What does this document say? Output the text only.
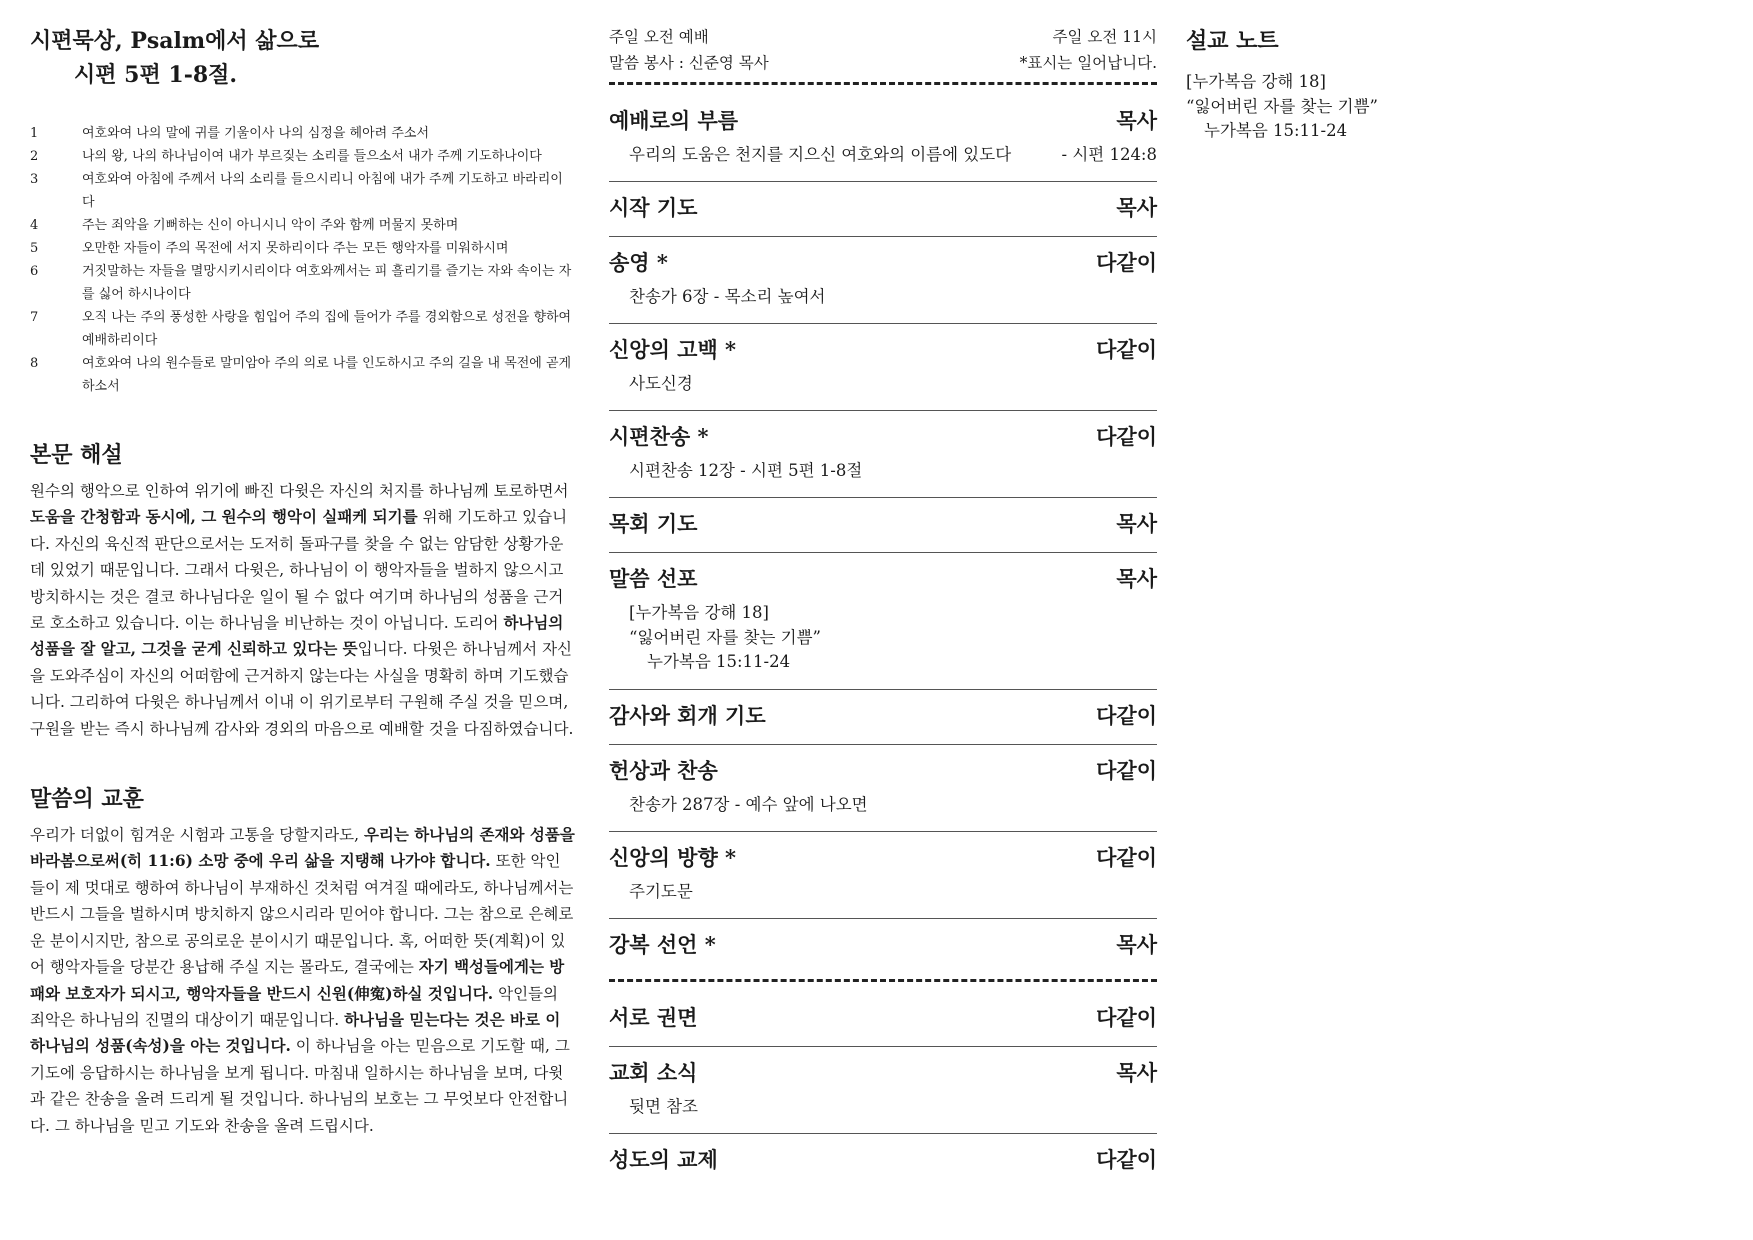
시편묵상, Psalm에서 삶으로
시편 5편 1-8절.
1	여호와여 나의 말에 귀를 기울이사 나의 심정을 헤아려 주소서
2	나의 왕, 나의 하나님이여 내가 부르짖는 소리를 들으소서 내가 주께 기도하나이다
3	여호와여 아침에 주께서 나의 소리를 들으시리니 아침에 내가 주께 기도하고 바라리이다
4	주는 죄악을 기뻐하는 신이 아니시니 악이 주와 함께 머물지 못하며
5	오만한 자들이 주의 목전에 서지 못하리이다 주는 모든 행악자를 미워하시며
6	거짓말하는 자들을 멸망시키시리이다 여호와께서는 피 흘리기를 즐기는 자와 속이는 자를 싫어 하시나이다
7	오직 나는 주의 풍성한 사랑을 힘입어 주의 집에 들어가 주를 경외함으로 성전을 향하여 예배하리이다
8	여호와여 나의 원수들로 말미암아 주의 의로 나를 인도하시고 주의 길을 내 목전에 곧게 하소서
본문 해설
원수의 행악으로 인하여 위기에 빠진 다윗은 자신의 처지를 하나님께 토로하면서 도움을 간청함과 동시에, 그 원수의 행악이 실패케 되기를 위해 기도하고 있습니다. 자신의 육신적 판단으로서는 도저히 돌파구를 찾을 수 없는 암담한 상황가운데 있었기 때문입니다. 그래서 다윗은, 하나님이 이 행악자들을 벌하지 않으시고 방치하시는 것은 결코 하나님다운 일이 될 수 없다 여기며 하나님의 성품을 근거로 호소하고 있습니다. 이는 하나님을 비난하는 것이 아닙니다. 도리어 하나님의 성품을 잘 알고, 그것을 굳게 신뢰하고 있다는 뜻입니다. 다윗은 하나님께서 자신을 도와주심이 자신의 어떠함에 근거하지 않는다는 사실을 명확히 하며 기도했습니다. 그리하여 다윗은 하나님께서 이내 이 위기로부터 구원해 주실 것을 믿으며, 구원을 받는 즉시 하나님께 감사와 경외의 마음으로 예배할 것을 다짐하였습니다.
말씀의 교훈
우리가 더없이 힘겨운 시험과 고통을 당할지라도, 우리는 하나님의 존재와 성품을 바라봄으로써(히 11:6) 소망 중에 우리 삶을 지탱해 나가야 합니다. 또한 악인들이 제 멋대로 행하여 하나님이 부재하신 것처럼 여겨질 때에라도, 하나님께서는 반드시 그들을 벌하시며 방치하지 않으시리라 믿어야 합니다. 그는 참으로 은혜로운 분이시지만, 참으로 공의로운 분이시기 때문입니다. 혹, 어떠한 뜻(계획)이 있어 행악자들을 당분간 용납해 주실 지는 몰라도, 결국에는 자기 백성들에게는 방패와 보호자가 되시고, 행악자들을 반드시 신원(伸寃)하실 것입니다. 악인들의 죄악은 하나님의 진멸의 대상이기 때문입니다. 하나님을 믿는다는 것은 바로 이 하나님의 성품(속성)을 아는 것입니다. 이 하나님을 아는 믿음으로 기도할 때, 그 기도에 응답하시는 하나님을 보게 됩니다. 마침내 일하시는 하나님을 보며, 다윗과 같은 찬송을 올려 드리게 될 것입니다. 하나님의 보호는 그 무엇보다 안전합니다. 그 하나님을 믿고 기도와 찬송을 올려 드립시다.
주일 오전 예배	주일 오전 11시
말씀 봉사 : 신준영 목사	*표시는 일어납니다.
예배로의 부름	목사
우리의 도움은 천지를 지으신 여호와의 이름에 있도다	- 시편 124:8
시작 기도	목사
송영 *	다같이
찬송가 6장 - 목소리 높여서
신앙의 고백 *	다같이
사도신경
시편찬송 *	다같이
시편찬송 12장 - 시편 5편 1-8절
목회 기도	목사
말씀 선포	목사
[누가복음 강해 18]
“잃어버린 자를 찾는 기쁨”
누가복음 15:11-24
감사와 회개 기도	다같이
헌상과 찬송	다같이
찬송가 287장 - 예수 앞에 나오면
신앙의 방향 *	다같이
주기도문
강복 선언 *	목사
서로 권면	다같이
교회 소식	목사
뒷면 참조
성도의 교제	다같이
설교 노트
[누가복음 강해 18]
“잃어버린 자를 찾는 기쁨”
누가복음 15:11-24
